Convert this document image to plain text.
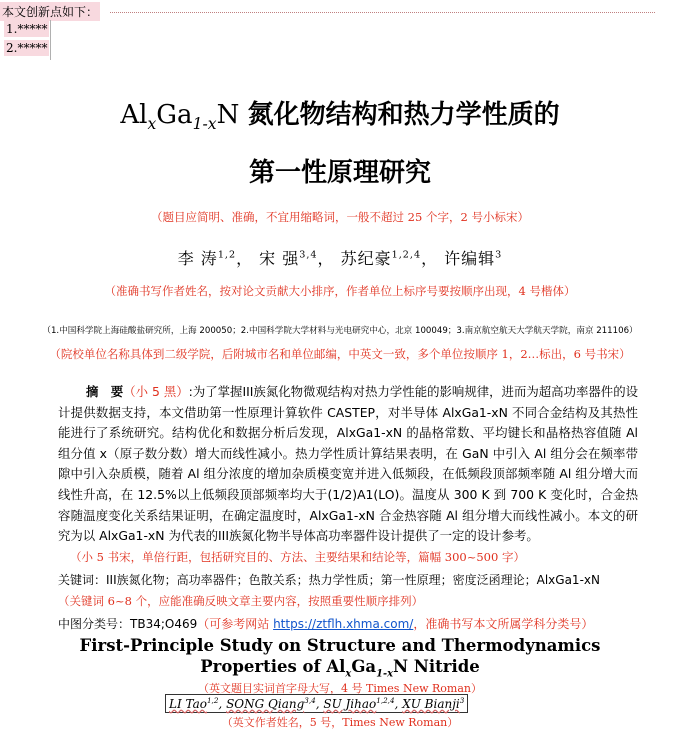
本文创新点如下：
1.*****
2.*****
$Al_xGa_{1-x}N$ 氮化物结构和热力学性质的
第一性原理研究
（题目应简明、准确，不宜用缩略词，一般不超过 25 个字，2 号小标宋）
李 涛$^{1,2}$， 宋 强$^{3,4}$， 苏纪豪$^{1,2,4}$， 许编辑$^3$
（准确书写作者姓名，按对论文贡献大小排序，作者单位上标序号要按顺序出现，4 号楷体）
（1.中国科学院上海硅酸盐研究所，上海 200050；2.中国科学院大学材料与光电研究中心，北京 100049；3.南京航空航天大学航天学院，南京 211106）
（院校单位名称具体到二级学院，后附城市名和单位邮编，中英文一致，多个单位按顺序 1，2…标出，6 号书宋）
摘　要（小 5 黑）:为了掌握III族氮化物微观结构对热力学性能的影响规律，进而为超高功率器件的设计提供数据支持，本文借助第一性原理计算软件 CASTEP，对半导体 AlxGa1-xN 不同合金结构及其热性能进行了系统研究。结构优化和数据分析后发现，AlxGa1-xN 的晶格常数、平均键长和晶格热容值随 Al 组分值 x（原子数分数）增大而线性减小。热力学性质计算结果表明，在 GaN 中引入 Al 组分会在频率带隙中引入杂质模，随着 Al 组分浓度的增加杂质模变宽并进入低频段，在低频段顶部频率随 Al 组分增大而线性升高，在 12.5%以上低频段顶部频率均大于(1/2)A1(LO)。温度从 300 K 到 700 K 变化时，合金热容随温度变化关系结果证明，在确定温度时，AlxGa1-xN 合金热容随 Al 组分增大而线性减小。本文的研究为以 AlxGa1-xN 为代表的III族氮化物半导体高功率器件设计提供了一定的设计参考。
（小 5 书宋，单倍行距，包括研究目的、方法、主要结果和结论等，篇幅 300~500 字）
关键词：III族氮化物；高功率器件；色散关系；热力学性质；第一性原理；密度泛函理论；AlxGa1-xN
（关键词 6~8 个，应能准确反映文章主要内容，按照重要性顺序排列）
中图分类号：TB34;O469（可参考网站 https://ztflh.xhma.com/，准确书写本文所属学科分类号）
First-Principle Study on Structure and Thermodynamics
Properties of $Al_xGa_{1-x}N$ Nitride
（英文题目实词首字母大写，4 号 Times New Roman）
LI Tao$^{1,2}$, SONG Qiang$^{3,4}$, SU Jihao$^{1,2,4}$, XU Bianji$^3$
（英文作者姓名，5 号，Times New Roman）
